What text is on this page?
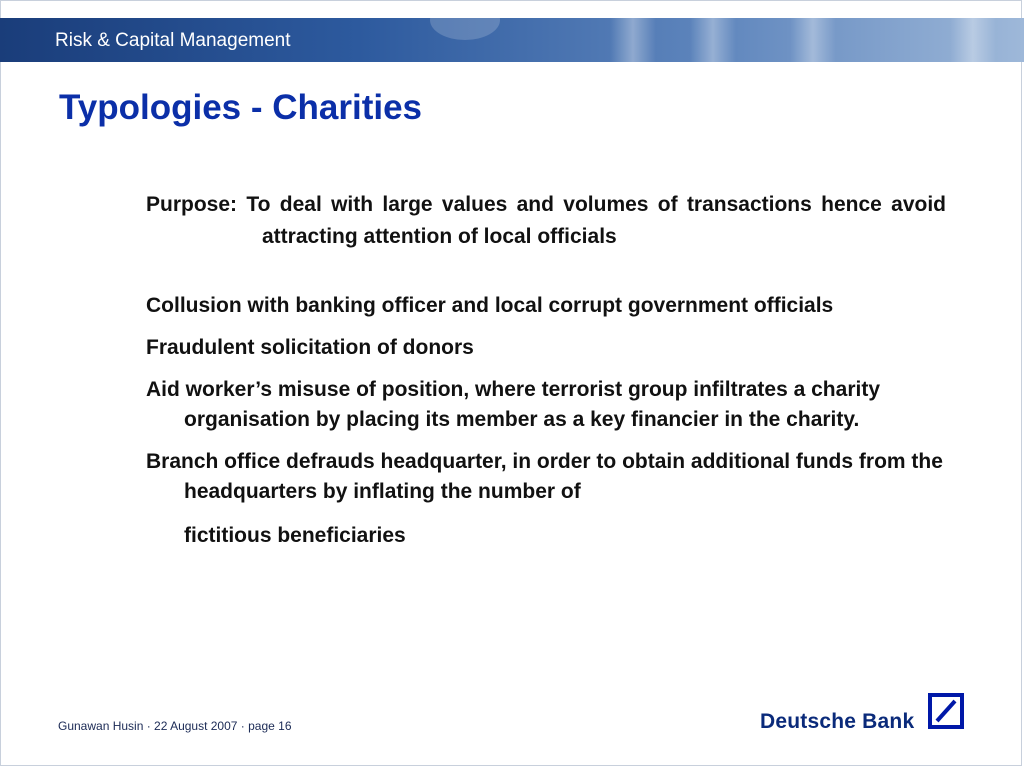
Risk & Capital Management
Typologies - Charities

Purpose: To deal with large values and volumes of transactions hence avoid attracting attention of local officials

Collusion with banking officer and local corrupt government officials
Fraudulent solicitation of donors
Aid worker’s misuse of position, where terrorist group infiltrates a charity organisation by placing its member as a key financier in the charity.
Branch office defrauds headquarter, in order to obtain additional funds from the headquarters by inflating the number of
fictitious beneficiaries
Gunawan Husin · 22 August 2007 · page 16	Deutsche Bank
